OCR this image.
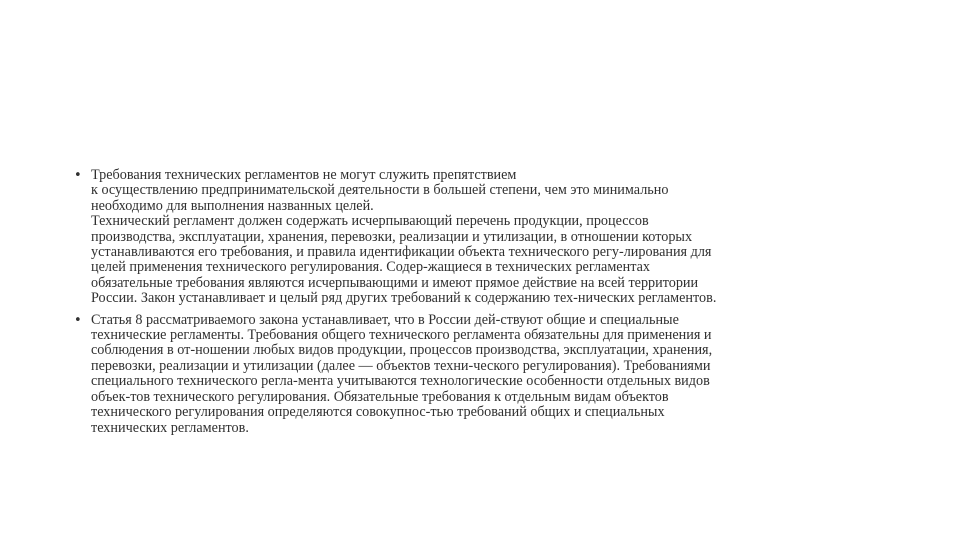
• Требования технических регламентов не могут служить препятствием
к осуществлению предпринимательской деятельности в большей степени, чем это минимально
необходимо для выполнения названных целей.
Технический регламент должен содержать исчерпывающий перечень продукции, процессов
производства, эксплуатации, хранения, перевозки, реализации и утилизации, в отношении которых
устанавливаются его требования, и правила идентификации объекта технического регу-лирования для
целей применения технического регулирования. Содер-жащиеся в технических регламентах
обязательные требования являются исчерпывающими и имеют прямое действие на всей территории
России. Закон устанавливает и целый ряд других требований к содержанию тех-нических регламентов.
• Статья 8 рассматриваемого закона устанавливает, что в России дей-ствуют общие и специальные
технические регламенты. Требования общего технического регламента обязательны для применения и
соблюдения в от-ношении любых видов продукции, процессов производства, эксплуатации, хранения,
перевозки, реализации и утилизации (далее — объектов техни-ческого регулирования). Требованиями
специального технического регла-мента учитываются технологические особенности отдельных видов
объек-тов технического регулирования. Обязательные требования к отдельным видам объектов
технического регулирования определяются совокупнос-тью требований общих и специальных
технических регламентов.
